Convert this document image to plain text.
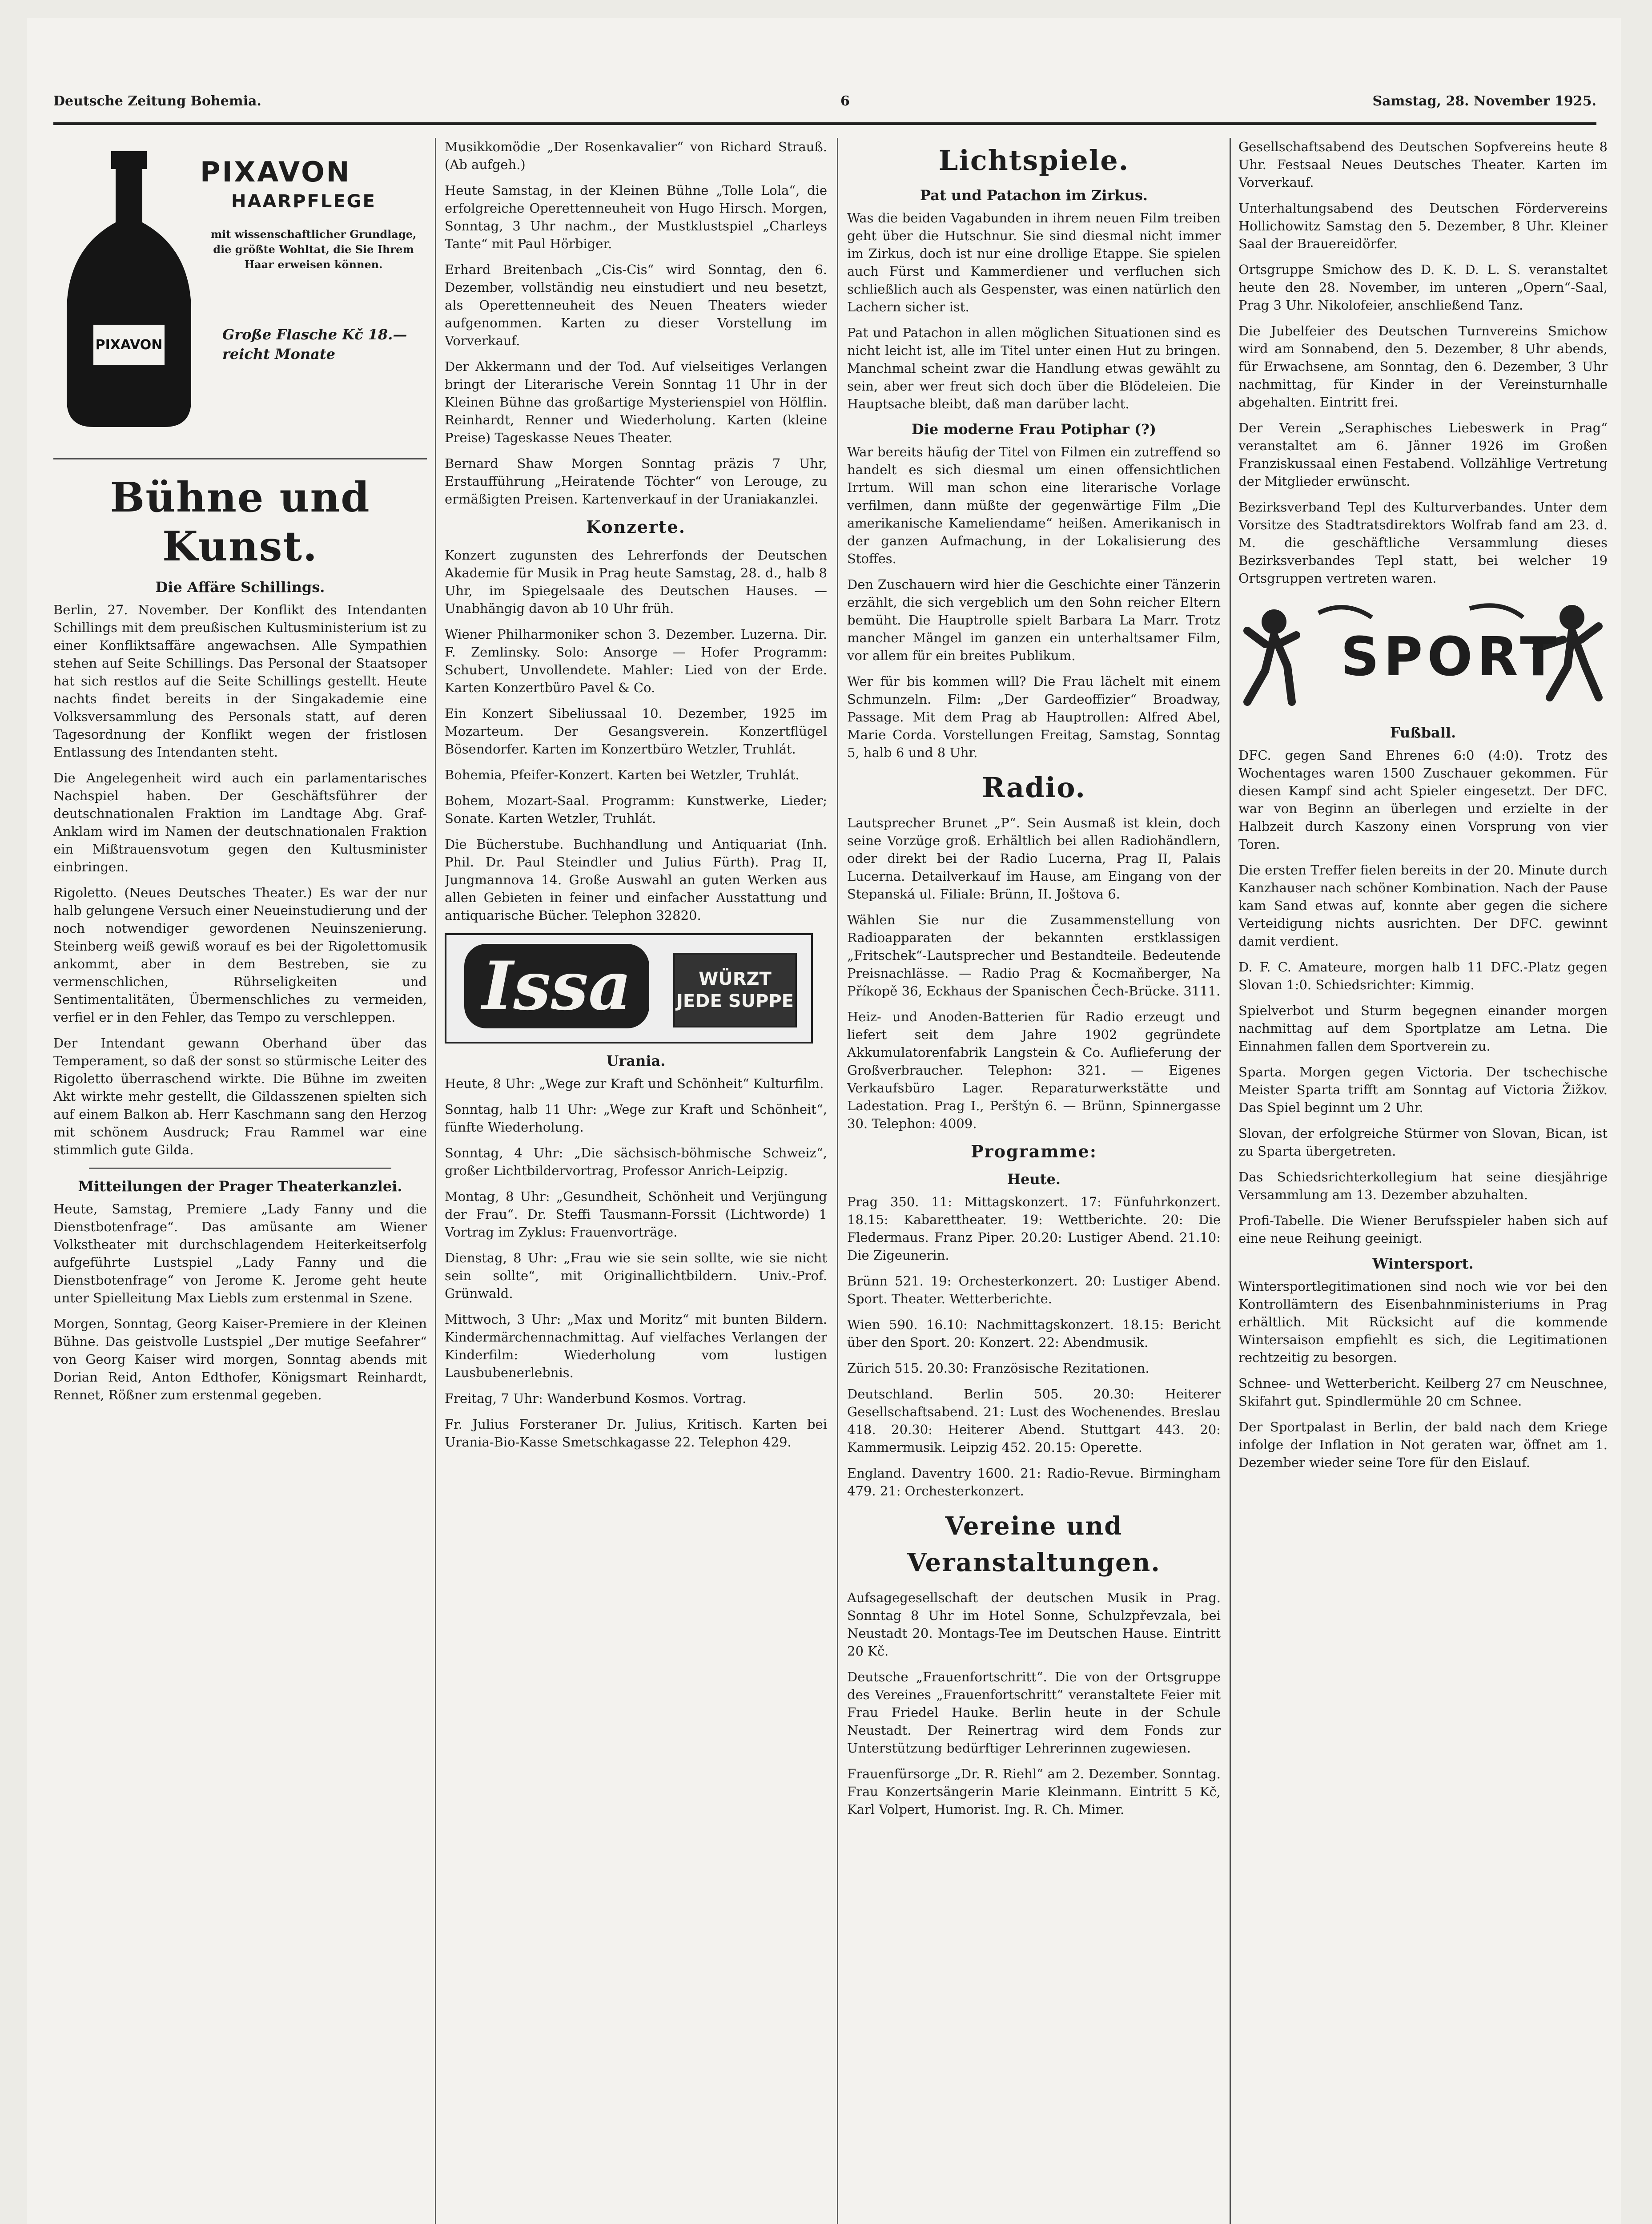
Deutsche Zeitung Bohemia.	6	Samstag, 28. November 1925.
PIXAVON
PIXAVON
HAARPFLEGE
mit wissenschaftlicher Grundlage, die größte Wohltat, die Sie Ihrem Haar erweisen können.
Große Flasche Kč 18.— reicht Monate
Bühne und Kunst.
Die Affäre Schillings.

Berlin, 27. November. Der Konflikt des Intendanten Schillings mit dem preußischen Kultusministerium ist zu einer Konfliktsaffäre angewachsen. Alle Sympathien stehen auf Seite Schillings. Das Personal der Staatsoper hat sich restlos auf die Seite Schillings gestellt. Heute nachts findet bereits in der Singakademie eine Volksversammlung des Personals statt, auf deren Tagesordnung der Konflikt wegen der fristlosen Entlassung des Intendanten steht.

Die Angelegenheit wird auch ein parlamentarisches Nachspiel haben. Der Geschäftsführer der deutschnationalen Fraktion im Landtage Abg. Graf-Anklam wird im Namen der deutschnationalen Fraktion ein Mißtrauensvotum gegen den Kultusminister einbringen.

Rigoletto. (Neues Deutsches Theater.) Es war der nur halb gelungene Versuch einer Neueinstudierung und der noch notwendiger gewordenen Neuinszenierung. Steinberg weiß gewiß worauf es bei der Rigolettomusik ankommt, aber in dem Bestreben, sie zu vermenschlichen, Rührseligkeiten und Sentimentalitäten, Übermenschliches zu vermeiden, verfiel er in den Fehler, das Tempo zu verschleppen.

Der Intendant gewann Oberhand über das Temperament, so daß der sonst so stürmische Leiter des Rigoletto überraschend wirkte. Die Bühne im zweiten Akt wirkte mehr gestellt, die Gildasszenen spielten sich auf einem Balkon ab. Herr Kaschmann sang den Herzog mit schönem Ausdruck; Frau Rammel war eine stimmlich gute Gilda.

Mitteilungen der Prager Theaterkanzlei.

Heute, Samstag, Premiere „Lady Fanny und die Dienstbotenfrage“. Das amüsante am Wiener Volkstheater mit durchschlagendem Heiterkeitserfolg aufgeführte Lustspiel „Lady Fanny und die Dienstbotenfrage“ von Jerome K. Jerome geht heute unter Spielleitung Max Liebls zum erstenmal in Szene.

Morgen, Sonntag, Georg Kaiser-Premiere in der Kleinen Bühne. Das geistvolle Lustspiel „Der mutige Seefahrer“ von Georg Kaiser wird morgen, Sonntag abends mit Dorian Reid, Anton Edthofer, Königsmart Reinhardt, Rennet, Rößner zum erstenmal gegeben.

Musikkomödie „Der Rosenkavalier“ von Richard Strauß. (Ab aufgeh.)

Heute Samstag, in der Kleinen Bühne „Tolle Lola“, die erfolgreiche Operettenneuheit von Hugo Hirsch. Morgen, Sonntag, 3 Uhr nachm., der Mustklustspiel „Charleys Tante“ mit Paul Hörbiger.

Erhard Breitenbach „Cis-Cis“ wird Sonntag, den 6. Dezember, vollständig neu einstudiert und neu besetzt, als Operettenneuheit des Neuen Theaters wieder aufgenommen. Karten zu dieser Vorstellung im Vorverkauf.

Der Akkermann und der Tod. Auf vielseitiges Verlangen bringt der Literarische Verein Sonntag 11 Uhr in der Kleinen Bühne das großartige Mysterienspiel von Hölflin. Reinhardt, Renner und Wiederholung. Karten (kleine Preise) Tageskasse Neues Theater.

Bernard Shaw Morgen Sonntag präzis 7 Uhr, Erstaufführung „Heiratende Töchter“ von Lerouge, zu ermäßigten Preisen. Kartenverkauf in der Uraniakanzlei.

Konzerte.

Konzert zugunsten des Lehrerfonds der Deutschen Akademie für Musik in Prag heute Samstag, 28. d., halb 8 Uhr, im Spiegelsaale des Deutschen Hauses. — Unabhängig davon ab 10 Uhr früh.

Wiener Philharmoniker schon 3. Dezember. Luzerna. Dir. F. Zemlinsky. Solo: Ansorge — Hofer Programm: Schubert, Unvollendete. Mahler: Lied von der Erde. Karten Konzertbüro Pavel & Co.

Ein Konzert Sibeliussaal 10. Dezember, 1925 im Mozarteum. Der Gesangsverein. Konzertflügel Bösendorfer. Karten im Konzertbüro Wetzler, Truhlát.

Bohemia, Pfeifer-Konzert. Karten bei Wetzler, Truhlát.

Bohem, Mozart-Saal. Programm: Kunstwerke, Lieder; Sonate. Karten Wetzler, Truhlát.

Die Bücherstube. Buchhandlung und Antiquariat (Inh. Phil. Dr. Paul Steindler und Julius Fürth). Prag II, Jungmannova 14. Große Auswahl an guten Werken aus allen Gebieten in feiner und einfacher Ausstattung und antiquarische Bücher. Telephon 32820.

Issa	WÜRZT JEDE SUPPE
Urania.

Heute, 8 Uhr: „Wege zur Kraft und Schönheit“ Kulturfilm.

Sonntag, halb 11 Uhr: „Wege zur Kraft und Schönheit“, fünfte Wiederholung.

Sonntag, 4 Uhr: „Die sächsisch-böhmische Schweiz“, großer Lichtbildervortrag, Professor Anrich-Leipzig.

Montag, 8 Uhr: „Gesundheit, Schönheit und Verjüngung der Frau“. Dr. Steffi Tausmann-Forssit (Lichtworde) 1 Vortrag im Zyklus: Frauenvorträge.

Dienstag, 8 Uhr: „Frau wie sie sein sollte, wie sie nicht sein sollte“, mit Originallichtbildern. Univ.-Prof. Grünwald.

Mittwoch, 3 Uhr: „Max und Moritz“ mit bunten Bildern. Kindermärchennachmittag. Auf vielfaches Verlangen der Kinderfilm: Wiederholung vom lustigen Lausbubenerlebnis.

Freitag, 7 Uhr: Wanderbund Kosmos. Vortrag.

Fr. Julius Forsteraner Dr. Julius, Kritisch. Karten bei Urania-Bio-Kasse Smetschkagasse 22. Telephon 429.

Lichtspiele.
Pat und Patachon im Zirkus.

Was die beiden Vagabunden in ihrem neuen Film treiben geht über die Hutschnur. Sie sind diesmal nicht immer im Zirkus, doch ist nur eine drollige Etappe. Sie spielen auch Fürst und Kammerdiener und verfluchen sich schließlich auch als Gespenster, was einen natürlich den Lachern sicher ist.

Pat und Patachon in allen möglichen Situationen sind es nicht leicht ist, alle im Titel unter einen Hut zu bringen. Manchmal scheint zwar die Handlung etwas gewählt zu sein, aber wer freut sich doch über die Blödeleien. Die Hauptsache bleibt, daß man darüber lacht.

Die moderne Frau Potiphar (?)

War bereits häufig der Titel von Filmen ein zutreffend so handelt es sich diesmal um einen offensichtlichen Irrtum. Will man schon eine literarische Vorlage verfilmen, dann müßte der gegenwärtige Film „Die amerikanische Kameliendame“ heißen. Amerikanisch in der ganzen Aufmachung, in der Lokalisierung des Stoffes.

Den Zuschauern wird hier die Geschichte einer Tänzerin erzählt, die sich vergeblich um den Sohn reicher Eltern bemüht. Die Hauptrolle spielt Barbara La Marr. Trotz mancher Mängel im ganzen ein unterhaltsamer Film, vor allem für ein breites Publikum.

Wer für bis kommen will? Die Frau lächelt mit einem Schmunzeln. Film: „Der Gardeoffizier“ Broadway, Passage. Mit dem Prag ab Hauptrollen: Alfred Abel, Marie Corda. Vorstellungen Freitag, Samstag, Sonntag 5, halb 6 und 8 Uhr.

Radio.

Lautsprecher Brunet „P“. Sein Ausmaß ist klein, doch seine Vorzüge groß. Erhältlich bei allen Radiohändlern, oder direkt bei der Radio Lucerna, Prag II, Palais Lucerna. Detailverkauf im Hause, am Eingang von der Stepanská ul. Filiale: Brünn, II. Joštova 6.

Wählen Sie nur die Zusammenstellung von Radioapparaten der bekannten erstklassigen „Fritschek“-Lautsprecher und Bestandteile. Bedeutende Preisnachlässe. — Radio Prag & Kocmaňberger, Na Příkopě 36, Eckhaus der Spanischen Čech-Brücke. 3111.

Heiz- und Anoden-Batterien für Radio erzeugt und liefert seit dem Jahre 1902 gegründete Akkumulatorenfabrik Langstein & Co. Auflieferung der Großverbraucher. Telephon: 321. — Eigenes Verkaufsbüro Lager. Reparaturwerkstätte und Ladestation. Prag I., Perštýn 6. — Brünn, Spinnergasse 30. Telephon: 4009.

Programme:
Heute.

Prag 350. 11: Mittagskonzert. 17: Fünfuhrkonzert. 18.15: Kabarettheater. 19: Wettberichte. 20: Die Fledermaus. Franz Piper. 20.20: Lustiger Abend. 21.10: Die Zigeunerin.

Brünn 521. 19: Orchesterkonzert. 20: Lustiger Abend. Sport. Theater. Wetterberichte.

Wien 590. 16.10: Nachmittagskonzert. 18.15: Bericht über den Sport. 20: Konzert. 22: Abendmusik.

Zürich 515. 20.30: Französische Rezitationen.

Deutschland. Berlin 505. 20.30: Heiterer Gesellschaftsabend. 21: Lust des Wochenendes. Breslau 418. 20.30: Heiterer Abend. Stuttgart 443. 20: Kammermusik. Leipzig 452. 20.15: Operette.

England. Daventry 1600. 21: Radio-Revue. Birmingham 479. 21: Orchesterkonzert.

Vereine und Veranstaltungen.

Aufsagegesellschaft der deutschen Musik in Prag. Sonntag 8 Uhr im Hotel Sonne, Schulzpřevzala, bei Neustadt 20. Montags-Tee im Deutschen Hause. Eintritt 20 Kč.

Deutsche „Frauenfortschritt“. Die von der Ortsgruppe des Vereines „Frauenfortschritt“ veranstaltete Feier mit Frau Friedel Hauke. Berlin heute in der Schule Neustadt. Der Reinertrag wird dem Fonds zur Unterstützung bedürftiger Lehrerinnen zugewiesen.

Frauenfürsorge „Dr. R. Riehl“ am 2. Dezember. Sonntag. Frau Konzertsängerin Marie Kleinmann. Eintritt 5 Kč, Karl Volpert, Humorist. Ing. R. Ch. Mimer.

Gesellschaftsabend des Deutschen Sopfvereins heute 8 Uhr. Festsaal Neues Deutsches Theater. Karten im Vorverkauf.

Unterhaltungsabend des Deutschen Fördervereins Hollichowitz Samstag den 5. Dezember, 8 Uhr. Kleiner Saal der Brauereidörfer.

Ortsgruppe Smichow des D. K. D. L. S. veranstaltet heute den 28. November, im unteren „Opern“-Saal, Prag 3 Uhr. Nikolofeier, anschließend Tanz.

Die Jubelfeier des Deutschen Turnvereins Smichow wird am Sonnabend, den 5. Dezember, 8 Uhr abends, für Erwachsene, am Sonntag, den 6. Dezember, 3 Uhr nachmittag, für Kinder in der Vereinsturnhalle abgehalten. Eintritt frei.

Der Verein „Seraphisches Liebeswerk in Prag“ veranstaltet am 6. Jänner 1926 im Großen Franziskussaal einen Festabend. Vollzählige Vertretung der Mitglieder erwünscht.

Bezirksverband Tepl des Kulturverbandes. Unter dem Vorsitze des Stadtratsdirektors Wolfrab fand am 23. d. M. die geschäftliche Versammlung dieses Bezirksverbandes Tepl statt, bei welcher 19 Ortsgruppen vertreten waren.

SPORT
Fußball.

DFC. gegen Sand Ehrenes 6:0 (4:0). Trotz des Wochentages waren 1500 Zuschauer gekommen. Für diesen Kampf sind acht Spieler eingesetzt. Der DFC. war von Beginn an überlegen und erzielte in der Halbzeit durch Kaszony einen Vorsprung von vier Toren.

Die ersten Treffer fielen bereits in der 20. Minute durch Kanzhauser nach schöner Kombination. Nach der Pause kam Sand etwas auf, konnte aber gegen die sichere Verteidigung nichts ausrichten. Der DFC. gewinnt damit verdient.

D. F. C. Amateure, morgen halb 11 DFC.-Platz gegen Slovan 1:0. Schiedsrichter: Kimmig.

Spielverbot und Sturm begegnen einander morgen nachmittag auf dem Sportplatze am Letna. Die Einnahmen fallen dem Sportverein zu.

Sparta. Morgen gegen Victoria. Der tschechische Meister Sparta trifft am Sonntag auf Victoria Žižkov. Das Spiel beginnt um 2 Uhr.

Slovan, der erfolgreiche Stürmer von Slovan, Bican, ist zu Sparta übergetreten.

Das Schiedsrichterkollegium hat seine diesjährige Versammlung am 13. Dezember abzuhalten.

Profi-Tabelle. Die Wiener Berufsspieler haben sich auf eine neue Reihung geeinigt.

Wintersport.

Wintersportlegitimationen sind noch wie vor bei den Kontrollämtern des Eisenbahnministeriums in Prag erhältlich. Mit Rücksicht auf die kommende Wintersaison empfiehlt es sich, die Legitimationen rechtzeitig zu besorgen.

Schnee- und Wetterbericht. Keilberg 27 cm Neuschnee, Skifahrt gut. Spindlermühle 20 cm Schnee.

Der Sportpalast in Berlin, der bald nach dem Kriege infolge der Inflation in Not geraten war, öffnet am 1. Dezember wieder seine Tore für den Eislauf.
